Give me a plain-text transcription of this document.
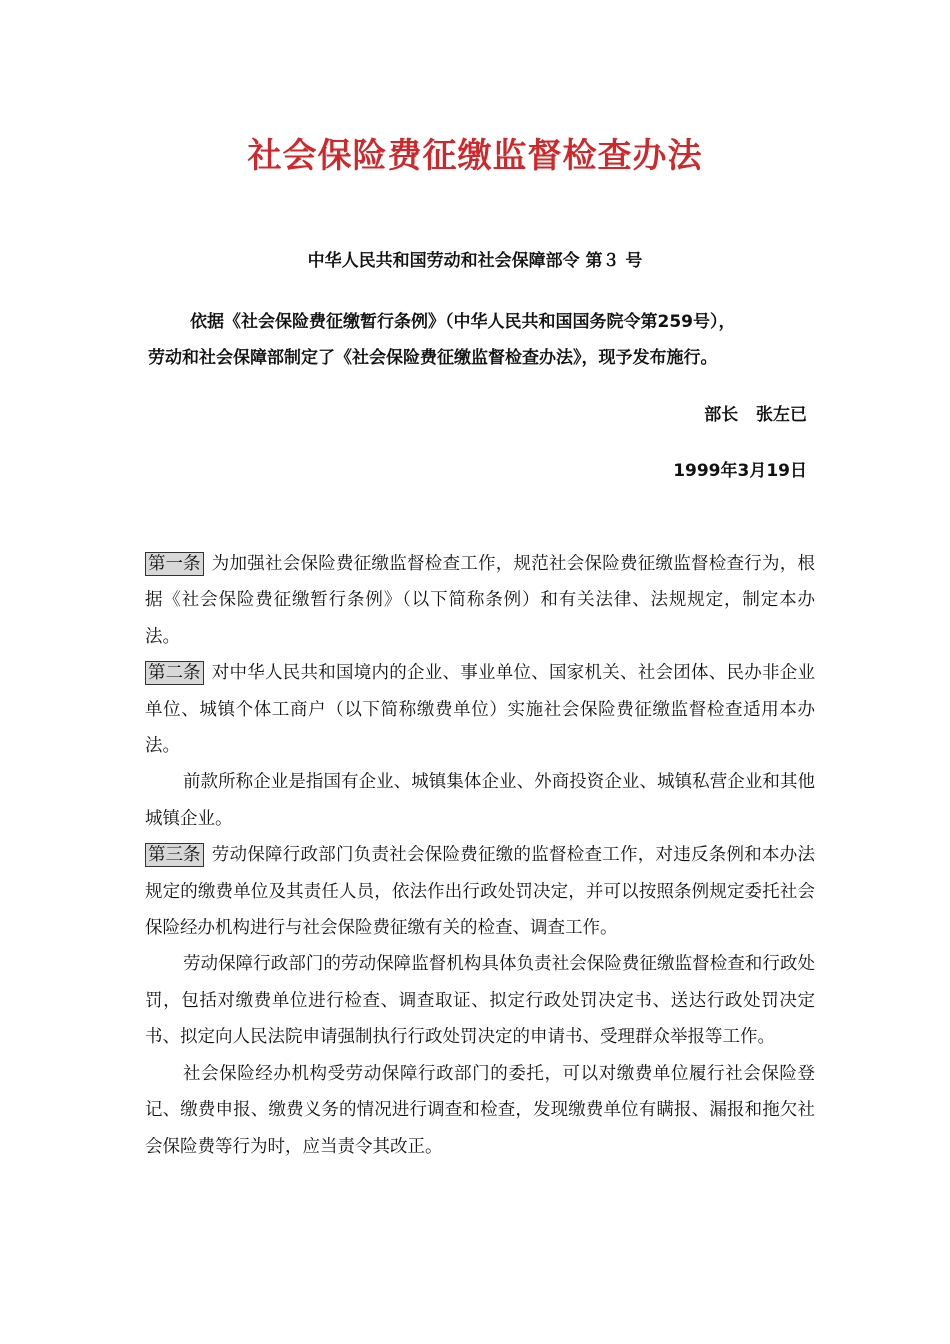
社会保险费征缴监督检查办法
中华人民共和国劳动和社会保障部令 第３ 号
依据《社会保险费征缴暂行条例》（中华人民共和国国务院令第259号），
劳动和社会保障部制定了《社会保险费征缴监督检查办法》，现予发布施行。
部长   张左已
1999年3月19日

第一条 为加强社会保险费征缴监督检查工作，规范社会保险费征缴监督检查行为，根据《社会保险费征缴暂行条例》（以下简称条例）和有关法律、法规规定，制定本办法。

第二条 对中华人民共和国境内的企业、事业单位、国家机关、社会团体、民办非企业单位、城镇个体工商户（以下简称缴费单位）实施社会保险费征缴监督检查适用本办法。

前款所称企业是指国有企业、城镇集体企业、外商投资企业、城镇私营企业和其他城镇企业。

第三条 劳动保障行政部门负责社会保险费征缴的监督检查工作，对违反条例和本办法规定的缴费单位及其责任人员，依法作出行政处罚决定，并可以按照条例规定委托社会保险经办机构进行与社会保险费征缴有关的检查、调查工作。

劳动保障行政部门的劳动保障监督机构具体负责社会保险费征缴监督检查和行政处罚，包括对缴费单位进行检查、调查取证、拟定行政处罚决定书、送达行政处罚决定书、拟定向人民法院申请强制执行行政处罚决定的申请书、受理群众举报等工作。

社会保险经办机构受劳动保障行政部门的委托，可以对缴费单位履行社会保险登记、缴费申报、缴费义务的情况进行调查和检查，发现缴费单位有瞒报、漏报和拖欠社会保险费等行为时，应当责令其改正。
